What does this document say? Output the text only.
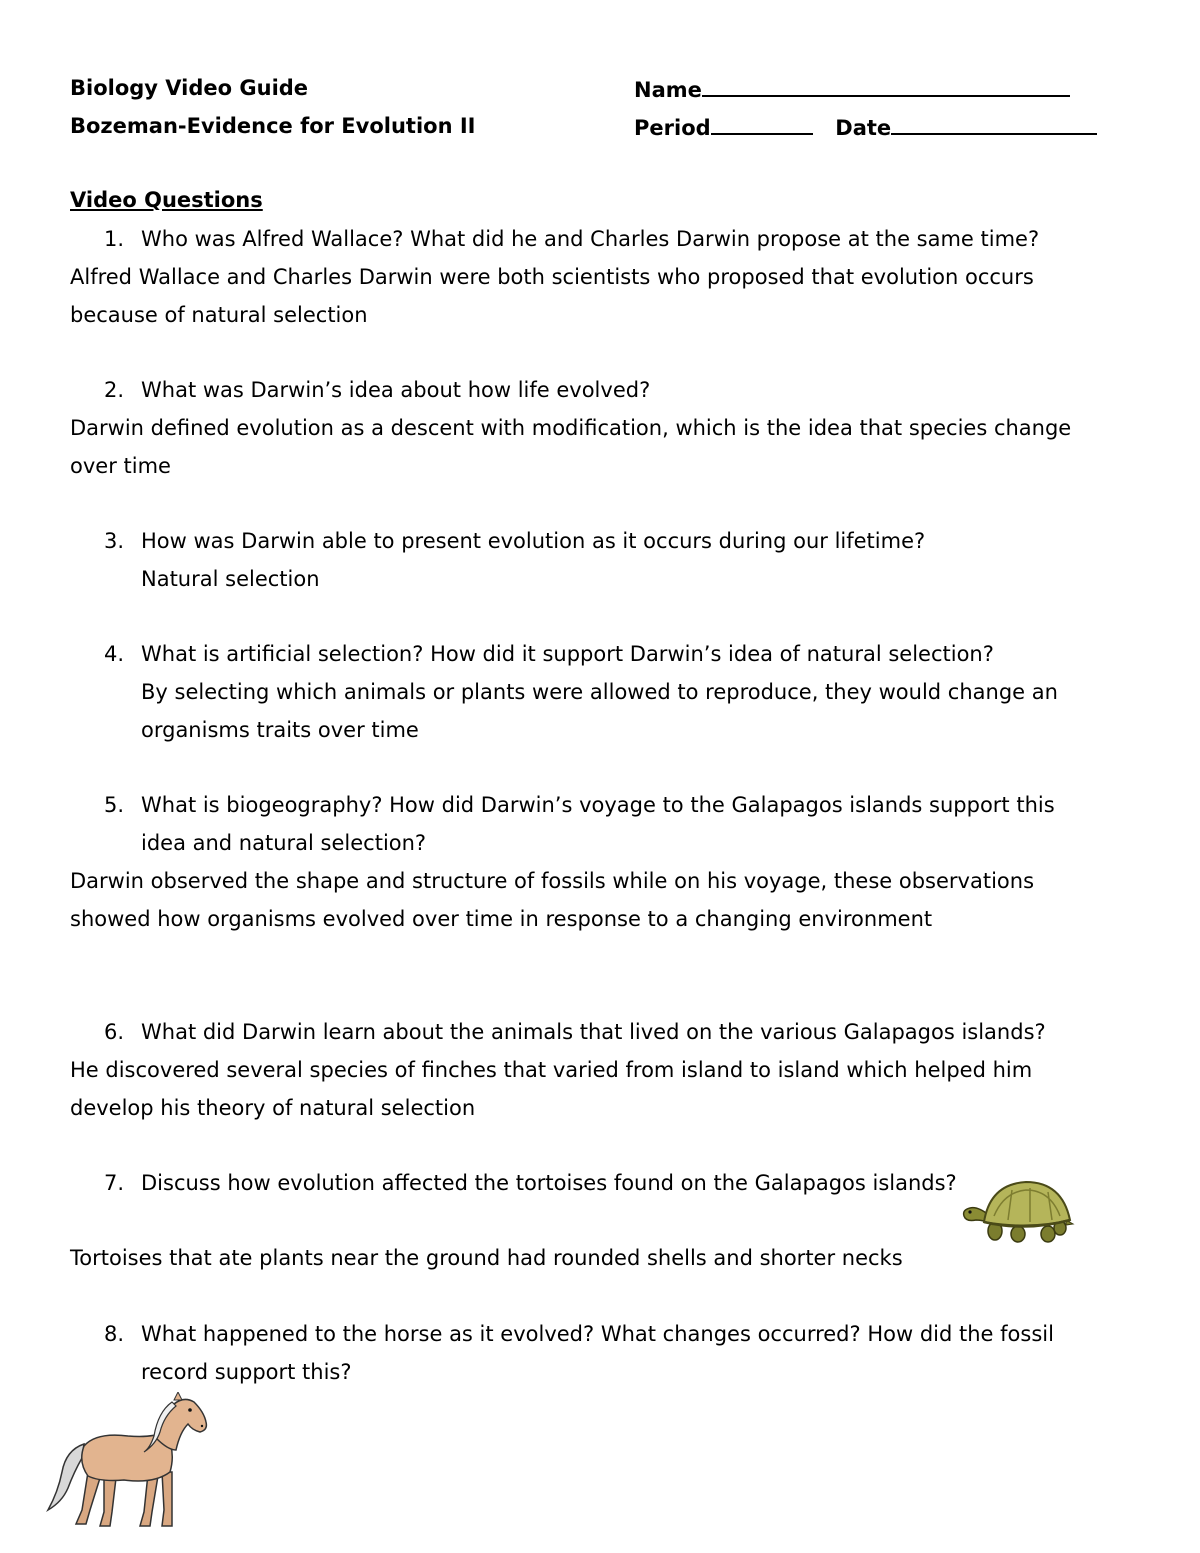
Biology Video Guide
Bozeman-Evidence for Evolution II
Name
Period	Date
Video Questions
1. Who was Alfred Wallace? What did he and Charles Darwin propose at the same time?
Alfred Wallace and Charles Darwin were both scientists who proposed that evolution occurs
because of natural selection
2. What was Darwin’s idea about how life evolved?
Darwin defined evolution as a descent with modification, which is the idea that species change
over time
3. How was Darwin able to present evolution as it occurs during our lifetime?
Natural selection
4. What is artificial selection? How did it support Darwin’s idea of natural selection?
By selecting which animals or plants were allowed to reproduce, they would change an
organisms traits over time
5. What is biogeography? How did Darwin’s voyage to the Galapagos islands support this
idea and natural selection?
Darwin observed the shape and structure of fossils while on his voyage, these observations
showed how organisms evolved over time in response to a changing environment
6. What did Darwin learn about the animals that lived on the various Galapagos islands?
He discovered several species of finches that varied from island to island which helped him
develop his theory of natural selection
7. Discuss how evolution affected the tortoises found on the Galapagos islands?
Tortoises that ate plants near the ground had rounded shells and shorter necks
8. What happened to the horse as it evolved? What changes occurred? How did the fossil
record support this?
